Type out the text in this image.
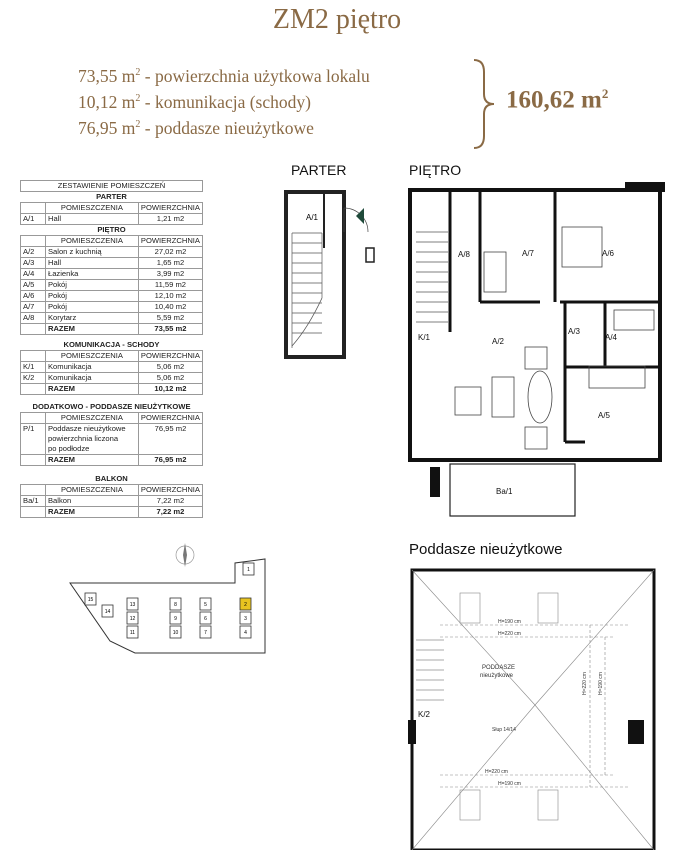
ZM2 piętro
73,55 $m^2$ - powierzchnia użytkowa lokalu
10,12 $m^2$ - komunikacja (schody)
76,95 $m^2$ - poddasze nieużytkowe
160,62 $m^2$
ZESTAWIENIE POMIESZCZEŃ		
PARTER		
	POMIESZCZENIA	POWIERZCHNIA
A/1	Hall	1,21 m2
PIĘTRO		
	POMIESZCZENIA	POWIERZCHNIA
A/2	Salon z kuchnią	27,02 m2
A/3	Hall	1,65 m2
A/4	Łazienka	3,99 m2
A/5	Pokój	11,59 m2
A/6	Pokój	12,10 m2
A/7	Pokój	10,40 m2
A/8	Korytarz	5,59 m2
	RAZEM	73,55 m2
KOMUNIKACJA - SCHODY		
	POMIESZCZENIA	POWIERZCHNIA
K/1	Komunikacja	5,06 m2
K/2	Komunikacja	5,06 m2
	RAZEM	10,12 m2
DODATKOWO - PODDASZE NIEUŻYTKOWE		
	POMIESZCZENIA	POWIERZCHNIA
P/1	Poddasze nieużytkowe
powierzchnia liczona
po podłodze	76,95 m2
	RAZEM	76,95 m2
BALKON		
	POMIESZCZENIA	POWIERZCHNIA
Ba/1	Balkon	7,22 m2
	RAZEM	7,22 m2
PARTER	PIĘTRO
Poddasze nieużytkowe
A/1
A/8	A/7	A/6
A/2
A/3
A/4
A/5
K/1
Ba/1
H=190 cm
H=220 cm
H=220 cm
H=190 cm
H=220 cm H=190 cm
Słup 14/14
PODDASZE
nieużytkowe
K/2
1
2
3
4
5
6
7
8
9
10
11
12
13
14
15
